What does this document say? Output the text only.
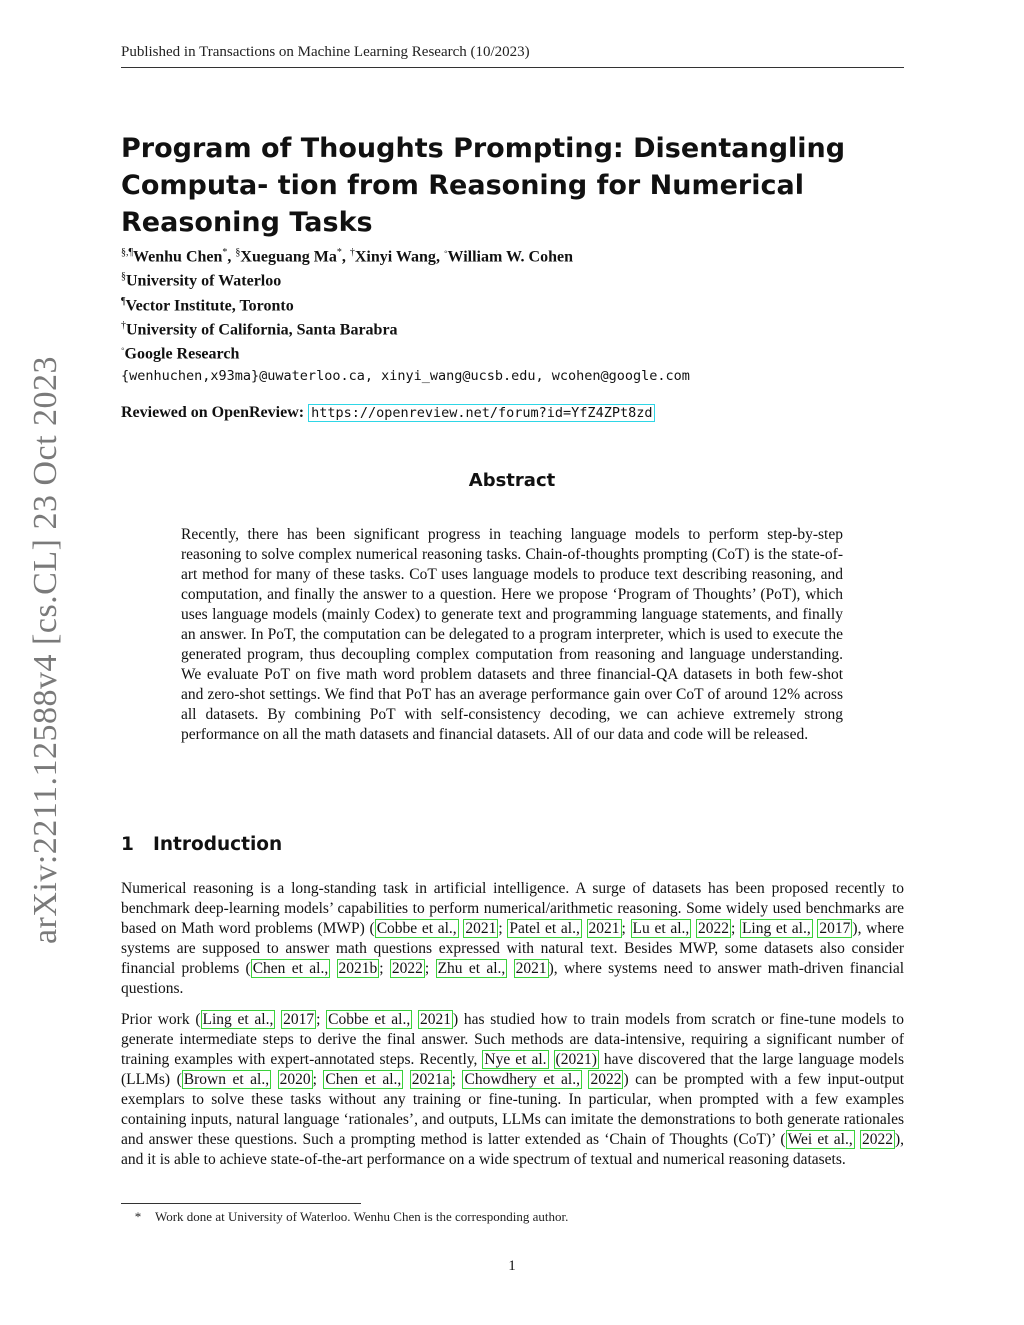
Published in Transactions on Machine Learning Research (10/2023)
arXiv:2211.12588v4 [cs.CL] 23 Oct 2023
Program of Thoughts Prompting: Disentangling Computa- tion from Reasoning for Numerical Reasoning Tasks
§,¶Wenhu Chen*, §Xueguang Ma*, †Xinyi Wang, ◦William W. Cohen
§University of Waterloo
¶Vector Institute, Toronto
†University of California, Santa Barabra
◦Google Research
{wenhuchen,x93ma}@uwaterloo.ca, xinyi_wang@ucsb.edu, wcohen@google.com
Reviewed on OpenReview: https://openreview.net/forum?id=YfZ4ZPt8zd
Abstract

Recently, there has been significant progress in teaching language models to perform step-by-step reasoning to solve complex numerical reasoning tasks. Chain-of-thoughts prompting (CoT) is the state-of-art method for many of these tasks. CoT uses language models to produce text describing reasoning, and computation, and finally the answer to a question. Here we propose ‘Program of Thoughts’ (PoT), which uses language models (mainly Codex) to generate text and programming language statements, and finally an answer. In PoT, the computation can be delegated to a program interpreter, which is used to execute the generated program, thus decoupling complex computation from reasoning and language understanding. We evaluate PoT on five math word problem datasets and three financial-QA datasets in both few-shot and zero-shot settings. We find that PoT has an average performance gain over CoT of around 12% across all datasets. By combining PoT with self-consistency decoding, we can achieve extremely strong performance on all the math datasets and financial datasets. All of our data and code will be released.

1 Introduction

Numerical reasoning is a long-standing task in artificial intelligence. A surge of datasets has been proposed recently to benchmark deep-learning models’ capabilities to perform numerical/arithmetic reasoning. Some widely used benchmarks are based on Math word problems (MWP) ( Cobbe et al., 2021 ; Patel et al., 2021 ; Lu et al., 2022 ; Ling et al., 2017 ), where systems are supposed to answer math questions expressed with natural text. Besides MWP, some datasets also consider financial problems ( Chen et al., 2021b ; 2022 ; Zhu et al., 2021 ), where systems need to answer math-driven financial questions.

Prior work ( Ling et al., 2017 ; Cobbe et al., 2021 ) has studied how to train models from scratch or fine-tune models to generate intermediate steps to derive the final answer. Such methods are data-intensive, requiring a significant number of training examples with expert-annotated steps. Recently, Nye et al. (2021) have discovered that the large language models (LLMs) ( Brown et al., 2020 ; Chen et al., 2021a ; Chowdhery et al., 2022 ) can be prompted with a few input-output exemplars to solve these tasks without any training or fine-tuning. In particular, when prompted with a few examples containing inputs, natural language ‘rationales’, and outputs, LLMs can imitate the demonstrations to both generate rationales and answer these questions. Such a prompting method is latter extended as ‘Chain of Thoughts (CoT)’ ( Wei et al., 2022 ), and it is able to achieve state-of-the-art performance on a wide spectrum of textual and numerical reasoning datasets.

* Work done at University of Waterloo. Wenhu Chen is the corresponding author.
1
